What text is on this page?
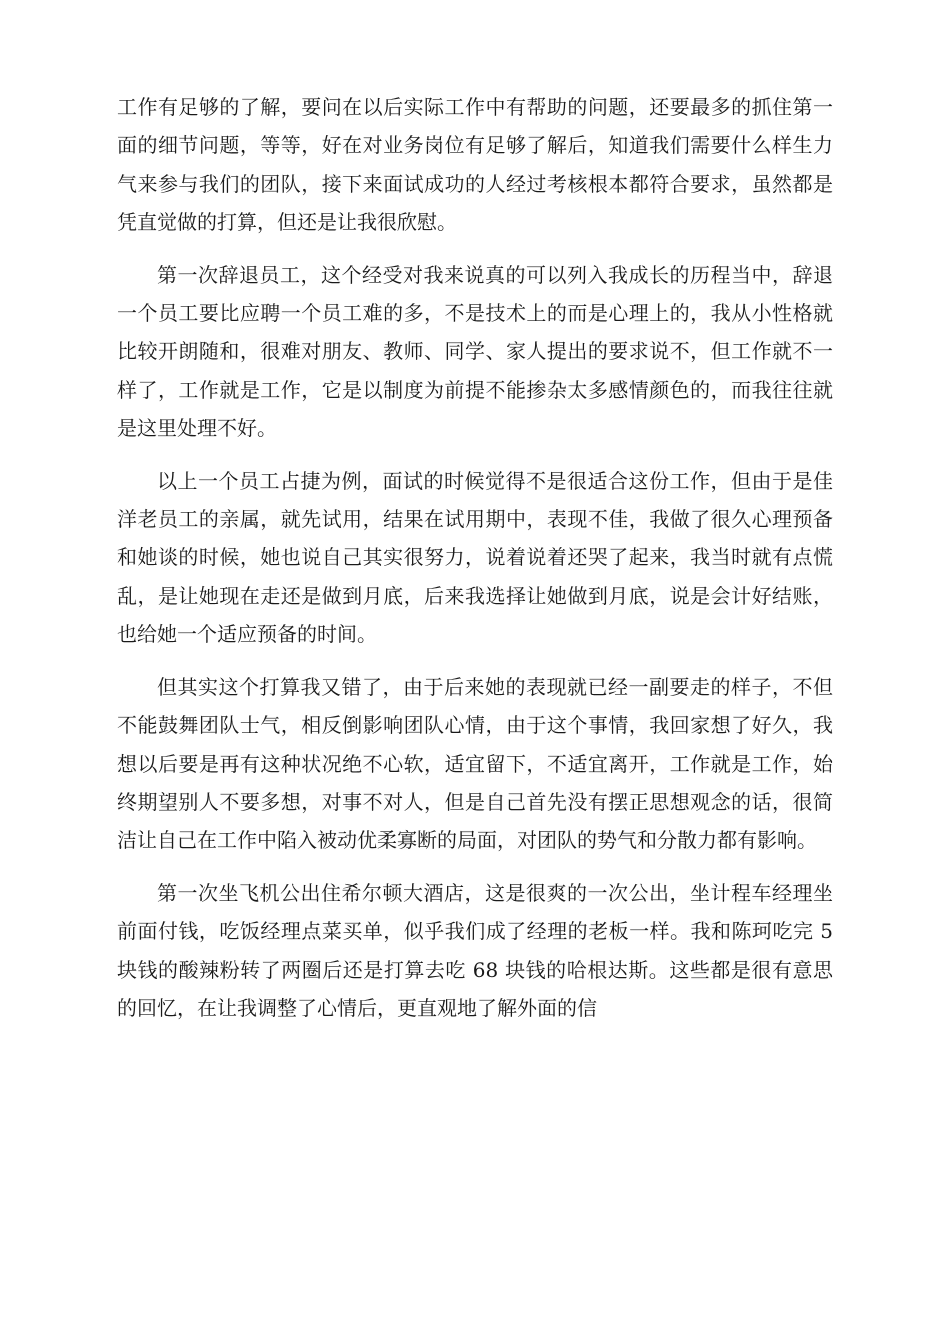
工作有足够的了解，要问在以后实际工作中有帮助的问题，还要最多的抓住第一面的细节问题，等等，好在对业务岗位有足够了解后，知道我们需要什么样生力气来参与我们的团队，接下来面试成功的人经过考核根本都符合要求，虽然都是凭直觉做的打算，但还是让我很欣慰。

第一次辞退员工，这个经受对我来说真的可以列入我成长的历程当中，辞退一个员工要比应聘一个员工难的多，不是技术上的而是心理上的，我从小性格就比较开朗随和，很难对朋友、教师、同学、家人提出的要求说不，但工作就不一样了，工作就是工作，它是以制度为前提不能掺杂太多感情颜色的，而我往往就是这里处理不好。

以上一个员工占捷为例，面试的时候觉得不是很适合这份工作，但由于是佳洋老员工的亲属，就先试用，结果在试用期中，表现不佳，我做了很久心理预备和她谈的时候，她也说自己其实很努力，说着说着还哭了起来，我当时就有点慌乱，是让她现在走还是做到月底，后来我选择让她做到月底，说是会计好结账，也给她一个适应预备的时间。

但其实这个打算我又错了，由于后来她的表现就已经一副要走的样子，不但不能鼓舞团队士气，相反倒影响团队心情，由于这个事情，我回家想了好久，我想以后要是再有这种状况绝不心软，适宜留下，不适宜离开，工作就是工作，始终期望别人不要多想，对事不对人，但是自己首先没有摆正思想观念的话，很简洁让自己在工作中陷入被动优柔寡断的局面，对团队的势气和分散力都有影响。

第一次坐飞机公出住希尔顿大酒店，这是很爽的一次公出，坐计程车经理坐前面付钱，吃饭经理点菜买单，似乎我们成了经理的老板一样。我和陈珂吃完 5 块钱的酸辣粉转了两圈后还是打算去吃 68 块钱的哈根达斯。这些都是很有意思的回忆，在让我调整了心情后，更直观地了解外面的信
